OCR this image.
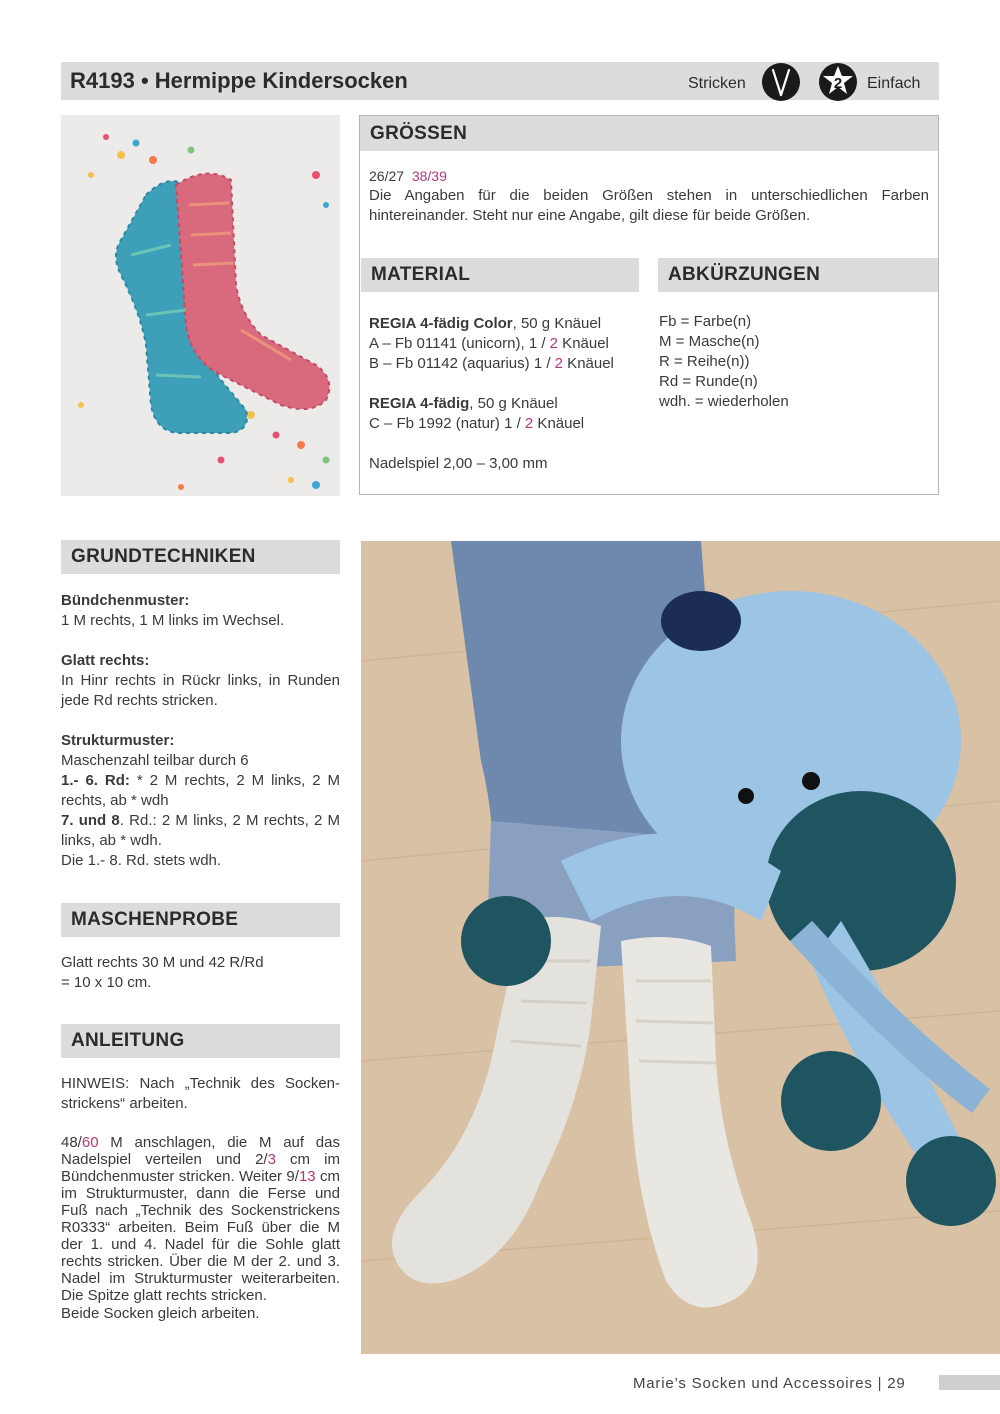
R4193 • Hermippe Kindersocken	Stricken	2 Einfach
GRÖSSEN
26/27 38/39
Die Angaben für die beiden Größen stehen in unterschiedlichen Farben hintereinander. Steht nur eine Angabe, gilt diese für beide Größen.
MATERIAL	ABKÜRZUNGEN

REGIA 4-fädig Color, 50 g Knäuel

A – Fb 01141 (unicorn), 1 / 2 Knäuel

B – Fb 01142 (aquarius) 1 / 2 Knäuel

REGIA 4-fädig, 50 g Knäuel

C – Fb 1992 (natur) 1 / 2 Knäuel

Nadelspiel 2,00 – 3,00 mm

Fb = Farbe(n)

M = Masche(n)

R = Reihe(n))

Rd = Runde(n)

wdh. = wiederholen

GRUNDTECHNIKEN

Bündchenmuster:

1 M rechts, 1 M links im Wechsel.

Glatt rechts:

In Hinr rechts in Rückr links, in Runden jede Rd rechts stricken.

Strukturmuster:

Maschenzahl teilbar durch 6

1.- 6. Rd: * 2 M rechts, 2 M links, 2 M rechts, ab * wdh

7. und 8. Rd.: 2 M links, 2 M rechts, 2 M links, ab * wdh.

Die 1.- 8. Rd. stets wdh.

MASCHENPROBE

Glatt rechts 30 M und 42 R/Rd

= 10 x 10 cm.

ANLEITUNG

HINWEIS: Nach „Technik des Socken-strickens“ arbeiten.

48/60 M anschlagen, die M auf das Nadelspiel verteilen und 2/3 cm im Bündchenmuster stricken. Weiter 9/13 cm im Strukturmuster, dann die Ferse und Fuß nach „Technik des Sockenstrickens R0333“ arbeiten. Beim Fuß über die M der 1. und 4. Nadel für die Sohle glatt rechts stricken. Über die M der 2. und 3. Nadel im Strukturmuster weiterarbeiten. Die Spitze glatt rechts stricken.

Beide Socken gleich arbeiten.

Marie’s Socken und Accessoires | 29
